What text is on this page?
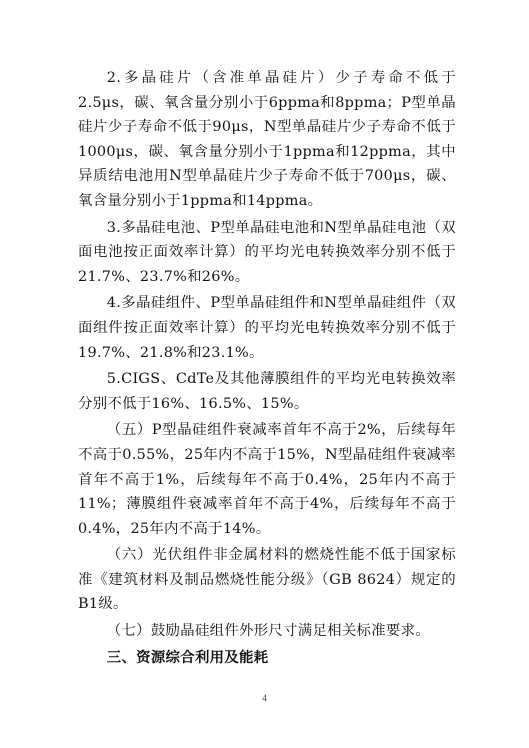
2.多晶硅片（含准单晶硅片）少子寿命不低于2.5μs，碳、氧含量分别小于6ppma和8ppma；P型单晶硅片少子寿命不低于90μs，N型单晶硅片少子寿命不低于1000μs，碳、氧含量分别小于1ppma和12ppma，其中异质结电池用N型单晶硅片少子寿命不低于700μs，碳、氧含量分别小于1ppma和14ppma。

3.多晶硅电池、P型单晶硅电池和N型单晶硅电池（双面电池按正面效率计算）的平均光电转换效率分别不低于21.7%、23.7%和26%。

4.多晶硅组件、P型单晶硅组件和N型单晶硅组件（双面组件按正面效率计算）的平均光电转换效率分别不低于19.7%、21.8%和23.1%。

5.CIGS、CdTe及其他薄膜组件的平均光电转换效率分别不低于16%、16.5%、15%。

（五）P型晶硅组件衰减率首年不高于2%，后续每年不高于0.55%，25年内不高于15%，N型晶硅组件衰减率首年不高于1%，后续每年不高于0.4%，25年内不高于11%；薄膜组件衰减率首年不高于4%，后续每年不高于0.4%，25年内不高于14%。

（六）光伏组件非金属材料的燃烧性能不低于国家标准《建筑材料及制品燃烧性能分级》（GB 8624）规定的B1级。

（七）鼓励晶硅组件外形尺寸满足相关标准要求。

三、资源综合利用及能耗

4
